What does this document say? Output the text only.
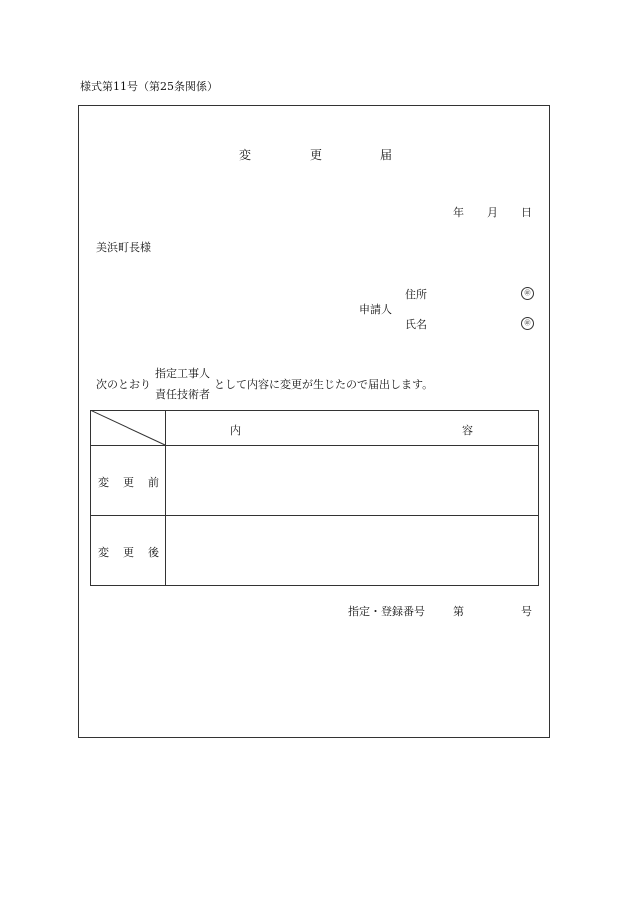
様式第11号（第25条関係）
変	更	届
年 月 日
美浜町長様
住所	㊞
申請人
氏名	㊞
次のとおり
指定工事人
責任技術者
として内容に変更が生じたので届出します。
内	容
変 更 前
変 更 後
指定・登録番号	第	号
